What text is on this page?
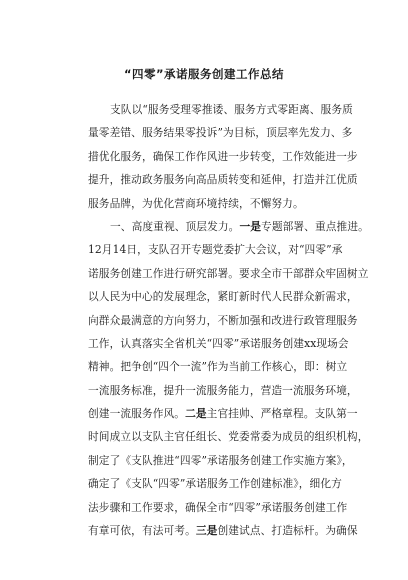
“四零”承诺服务创建工作总结
支队以“服务受理零推诿、服务方式零距离、服务质
量零差错、服务结果零投诉”为目标，顶层率先发力、多
措优化服务，确保工作作风进一步转变，工作效能进一步
提升，推动政务服务向高品质转变和延伸，打造并江优质
服务品牌，为优化营商环境持续，不懈努力。
一、高度重视、顶层发力。一是专题部署、重点推进。
12月14日，支队召开专题党委扩大会议，对“四零”承
诺服务创建工作进行研究部署。要求全市干部群众牢固树立
以人民为中心的发展理念，紧盯新时代人民群众新需求，
向群众最满意的方向努力，不断加强和改进行政管理服务
工作，认真落实全省机关“四零”承诺服务创建xx现场会
精神。把争创“四个一流”作为当前工作核心，即：树立
一流服务标准，提升一流服务能力，营造一流服务环境，
创建一流服务作风。二是主官挂帅、严格章程。支队第一
时间成立以支队主官任组长、党委常委为成员的组织机构，
制定了《支队推进“四零”承诺服务创建工作实施方案》，
确定了《支队“四零”承诺服务工作创建标准》，细化方
法步骤和工作要求，确保全市“四零”承诺服务创建工作
有章可依，有法可考。三是创建试点、打造标杆。为确保
